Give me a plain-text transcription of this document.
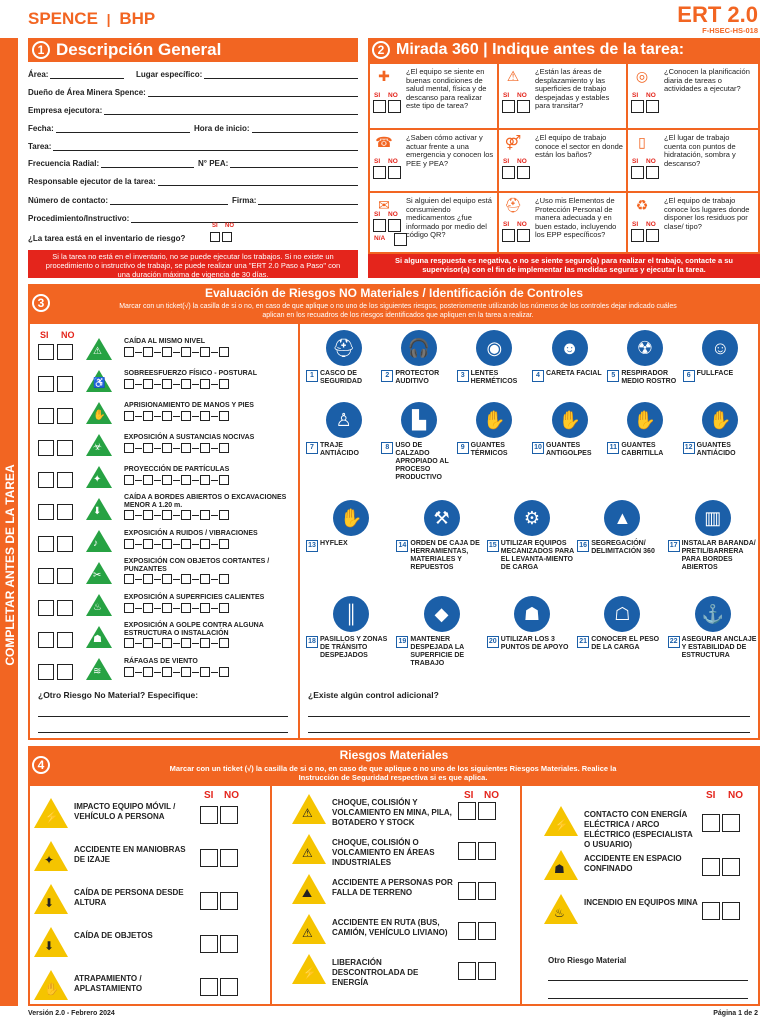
SPENCE | BHP	ERT 2.0
F-HSEC-HS-018
COMPLETAR ANTES DE LA TAREA
1 Descripción General
Área:	Lugar específico:
Dueño de Área Minera Spence:
Empresa ejecutora:
Fecha:	Hora de inicio:
Tarea:
Frecuencia Radial:	N° PEA:
Responsable ejecutor de la tarea:
Número de contacto:	Firma:
Procedimiento/Instructivo:
¿La tarea está en el inventario de riesgo?
SI NO

Si la tarea no está en el inventario, no se puede ejecutar los trabajos. Si no existe un procedimiento o instructivo de trabajo, se puede realizar una "ERT 2.0 Paso a Paso" con una duración máxima de vigencia de 30 días.
2 Mirada 360 | Indique antes de la tarea:
✚
SI NO
¿El equipo se siente en buenas condiciones de salud mental, física y de descanso para realizar este tipo de tarea?
⚠
SI NO
¿Están las áreas de desplazamiento y las superficies de trabajo despejadas y estables para transitar?
◎
SI NO
¿Conocen la planificación diaria de tareas o actividades a ejecutar?
☎
SI NO
¿Saben cómo activar y actuar frente a una emergencia y conocen los PEE y PEA?
⚤
SI NO
¿El equipo de trabajo conoce el sector en donde están los baños?
▯
SI NO
¿El lugar de trabajo cuenta con puntos de hidratación, sombra y descanso?
✉
SI NO
N/A
Si alguien del equipo está consumiendo medicamentos ¿fue informado por medio del código QR?
⛑
SI NO
¿Uso mis Elementos de Protección Personal de manera adecuada y en buen estado, incluyendo los EPP específicos?
♻
SI NO
¿El equipo de trabajo conoce los lugares donde disponer los residuos por clase/ tipo?
Si alguna respuesta es negativa, o no se siente seguro(a) para realizar el trabajo, contacte a su supervisor(a) con el fin de implementar las medidas seguras y ejecutar la tarea.
3
Evaluación de Riesgos NO Materiales / Identificación de Controles
Marcar con un ticket(√) la casilla de si o no, en caso de que aplique o no uno de los siguientes riesgos, posteriormente utilizando los números de los controles dejar indicado cuáles aplican en los recuadros de los riesgos identificados que apliquen en la tarea a realizar.
SI NO
⚠
CAÍDA AL MISMO NIVEL
♿
SOBREESFUERZO FÍSICO - POSTURAL
✋
APRISIONAMIENTO DE MANOS Y PIES
☣
EXPOSICIÓN A SUSTANCIAS NOCIVAS
✦
PROYECCIÓN DE PARTÍCULAS
⬇
CAÍDA A BORDES ABIERTOS O EXCAVACIONES MENOR A 1.20 m.
♪
EXPOSICIÓN A RUIDOS / VIBRACIONES
✂
EXPOSICIÓN CON OBJETOS CORTANTES / PUNZANTES
♨
EXPOSICIÓN A SUPERFICIES CALIENTES
☗
EXPOSICIÓN A GOLPE CONTRA ALGUNA ESTRUCTURA O INSTALACIÓN
≋
RÁFAGAS DE VIENTO
¿Otro Riesgo No Material? Especifique:
⛑
1 CASCO DE SEGURIDAD
🎧
2 PROTECTOR AUDITIVO
◉
3 LENTES HERMÉTICOS
☻
4 CARETA FACIAL
☢
5 RESPIRADOR MEDIO ROSTRO
☺
6 FULLFACE
♙
7 TRAJE ANTIÁCIDO
▙
8 USO DE CALZADO APROPIADO AL PROCESO PRODUCTIVO
✋
9 GUANTES TÉRMICOS
✋
10 GUANTES ANTIGOLPES
✋
11 GUANTES CABRITILLA
✋
12 GUANTES ANTIÁCIDO
✋
13 HYFLEX
⚒
14 ORDEN DE CAJA DE HERRAMIENTAS, MATERIALES Y REPUESTOS
⚙
15 UTILIZAR EQUIPOS MECANIZADOS PARA EL LEVANTA-MIENTO DE CARGA
▲
16 SEGREGACIÓN/ DELIMITACIÓN 360
▥
17 INSTALAR BARANDA/ PRETIL/BARRERA PARA BORDES ABIERTOS
║
18 PASILLOS Y ZONAS DE TRÁNSITO DESPEJADOS
◆
19 MANTENER DESPEJADA LA SUPERFICIE DE TRABAJO
☗
20 UTILIZAR LOS 3 PUNTOS DE APOYO
☖
21 CONOCER EL PESO DE LA CARGA
⚓
22 ASEGURAR ANCLAJE Y ESTABILIDAD DE ESTRUCTURA
¿Existe algún control adicional?
4
Riesgos Materiales
Marcar con un ticket (√) la casilla de si o no, en caso de que aplique o no uno de los siguientes Riesgos Materiales. Realice la Instrucción de Seguridad respectiva si es que aplica.
SI NO	SI NO	SI NO
⚡
IMPACTO EQUIPO MÓVIL / VEHÍCULO A PERSONA
✦
ACCIDENTE EN MANIOBRAS DE IZAJE
⬇
CAÍDA DE PERSONA DESDE ALTURA
⬇
CAÍDA DE OBJETOS
✋
ATRAPAMIENTO / APLASTAMIENTO
⚠
CHOQUE, COLISIÓN Y VOLCAMIENTO EN MINA, PILA, BOTADERO Y STOCK
⚠
CHOQUE, COLISIÓN O VOLCAMIENTO EN ÁREAS INDUSTRIALES
⛰
ACCIDENTE A PERSONAS POR FALLA DE TERRENO
⚠
ACCIDENTE EN RUTA (BUS, CAMIÓN, VEHÍCULO LIVIANO)
⚡
LIBERACIÓN DESCONTROLADA DE ENERGÍA
⚡
CONTACTO CON ENERGÍA ELÉCTRICA / ARCO ELÉCTRICO (ESPECIALISTA O USUARIO)
☗
ACCIDENTE EN ESPACIO CONFINADO
♨
INCENDIO EN EQUIPOS MINA
Otro Riesgo Material
Versión 2.0 - Febrero 2024	Página 1 de 2
